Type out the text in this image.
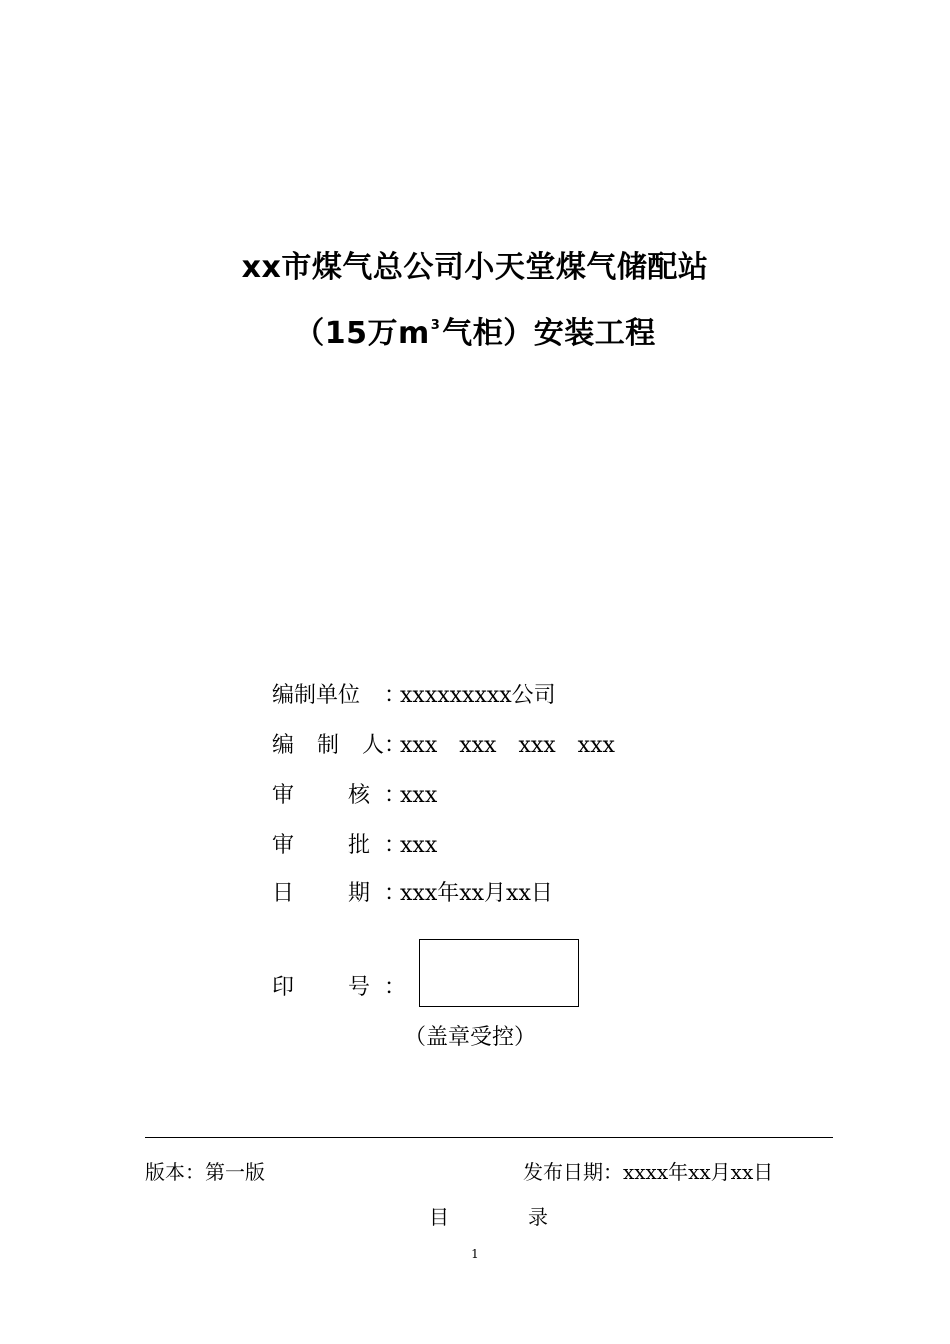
xx市煤气总公司小天堂煤气储配站
（15万$m^3$气柜）安装工程
编制单位 ：xxxxxxxxx公司
编 制 人 ：xxx　xxx　xxx　xxx
审 核 ：xxx
审 批 ：xxx
日 期 ：xxx年xx月xx日
印 号 ：
（盖章受控）
版本：第一版	发布日期：xxxx年xx月xx日
目	录
1
